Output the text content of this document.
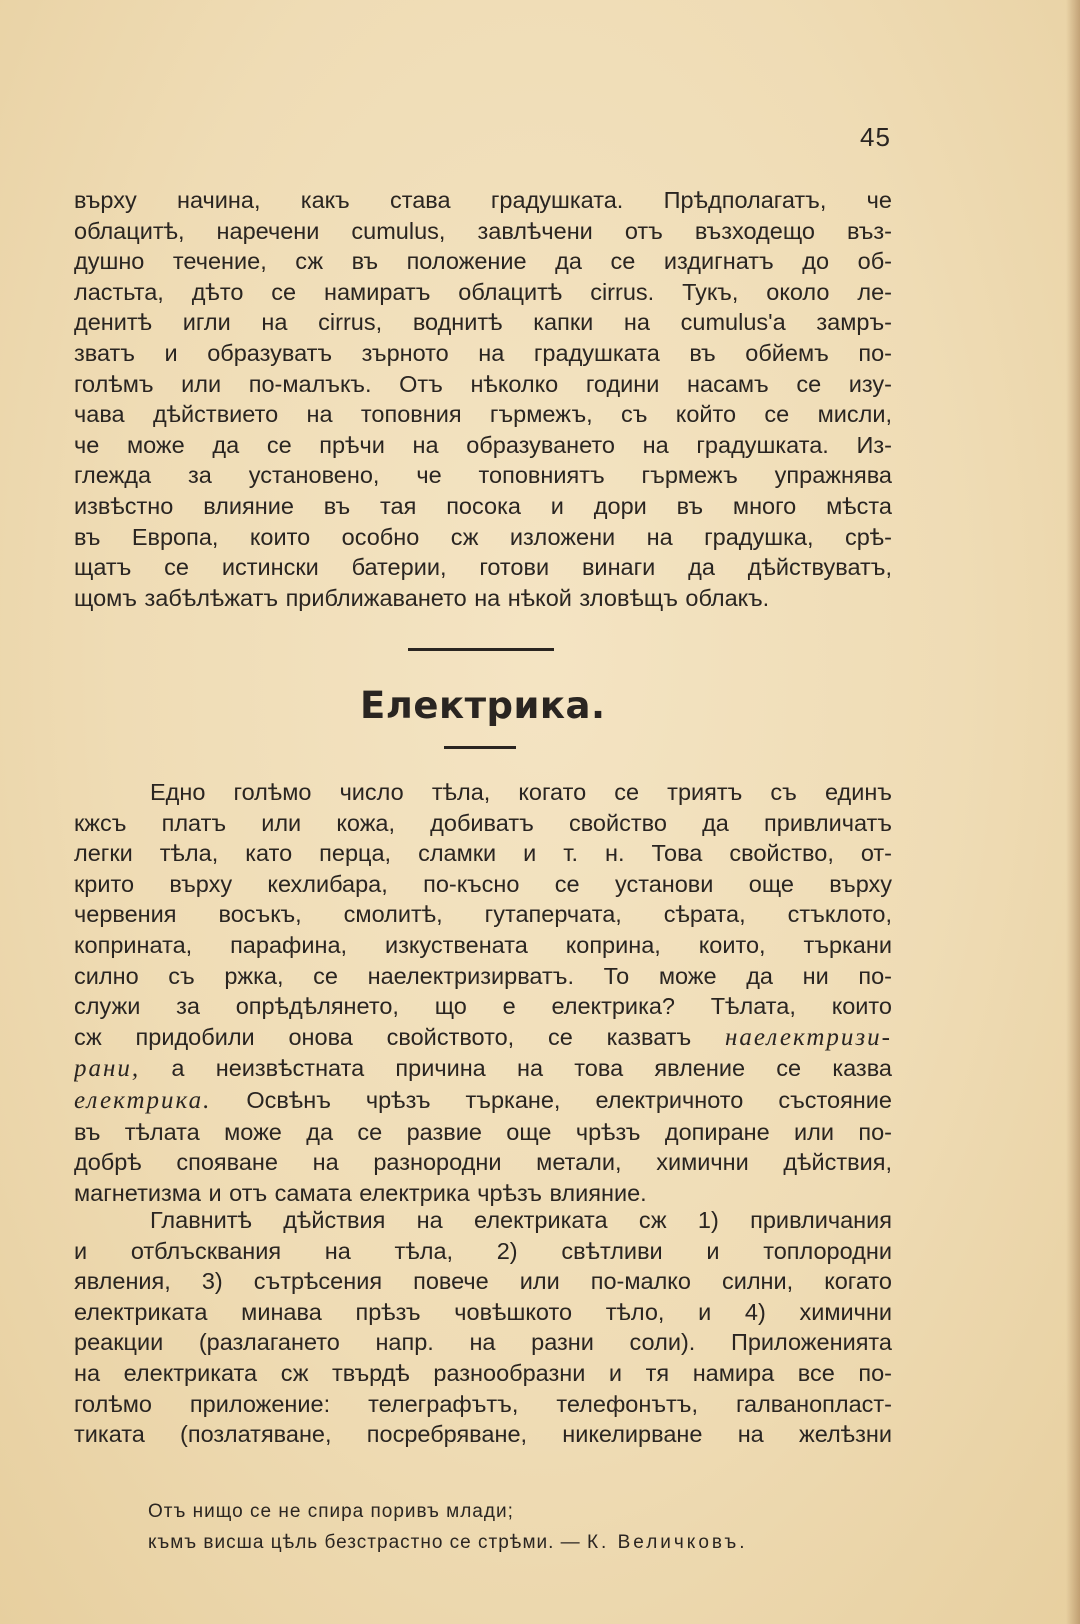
45
върху начина, какъ става градушката. Прѣдполагатъ, че
облацитѣ, наречени cumulus, завлѣчени отъ възходещо въз-
душно течение, сж въ положение да се издигнатъ до об-
ластьта, дѣто се намиратъ облацитѣ cirrus. Тукъ, около ле-
денитѣ игли на cirrus, воднитѣ капки на cumulus'а замръ-
зватъ и образуватъ зърното на градушката въ обйемъ по-
голѣмъ или по-малъкъ. Отъ нѣколко години насамъ се изу-
чава дѣйствието на топовния гърмежъ, съ който се мисли,
че може да се прѣчи на образуването на градушката. Из-
глежда за установено, че топовниятъ гърмежъ упражнява
извѣстно влияние въ тая посока и дори въ много мѣста
въ Европа, които особно сж изложени на градушка, срѣ-
щатъ се истински батерии, готови винаги да дѣйствуватъ,
щомъ забѣлѣжатъ приближаването на нѣкой зловѣщъ облакъ.
Електрика.
Едно голѣмо число тѣла, когато се триятъ съ единъ
кжсъ платъ или кожа, добиватъ свойство да привличатъ
легки тѣла, като перца, сламки и т. н. Това свойство, от-
крито върху кехлибара, по-късно се установи още върху
червения восъкъ, смолитѣ, гутаперчата, сѣрата, стъклото,
коприната, парафина, изкуствената коприна, които, търкани
силно съ ржка, се наелектризирватъ. То може да ни по-
служи за опрѣдѣлянето, що е електрика? Тѣлата, които
сж придобили онова свойството, се казватъ наелектризи-
рани, а неизвѣстната причина на това явление се казва
електрика. Освѣнъ чрѣзъ търкане, електричното състояние
въ тѣлата може да се развие още чрѣзъ допиране или по-
добрѣ спояване на разнородни метали, химични дѣйствия,
магнетизма и отъ самата електрика чрѣзъ влияние.
Главнитѣ дѣйствия на електриката сж 1) привличания
и отблъсквания на тѣла, 2) свѣтливи и топлородни
явления, 3) сътрѣсения повече или по-малко силни, когато
електриката минава прѣзъ човѣшкото тѣло, и 4) химични
реакции (разлагането напр. на разни соли). Приложенията
на електриката сж твърдѣ разнообразни и тя намира все по-
голѣмо приложение: телеграфътъ, телефонътъ, галванопласт-
тиката (позлатяване, посребряване, никелирване на желѣзни
Отъ нищо се не спира поривъ млади;
къмъ висша цѣль безстрастно се стрѣми. — К. Величковъ.
